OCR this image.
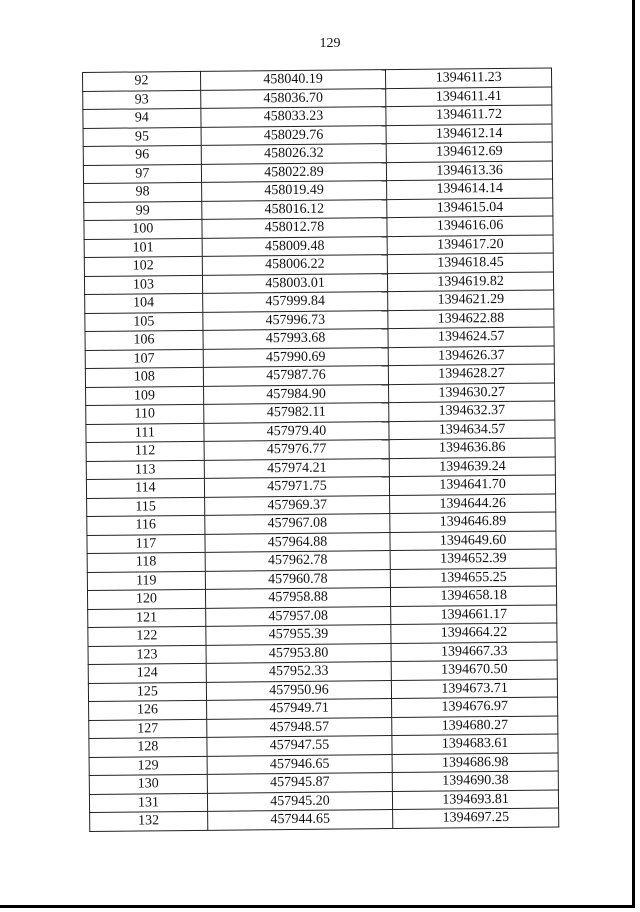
129
92	458040.19	1394611.23
93	458036.70	1394611.41
94	458033.23	1394611.72
95	458029.76	1394612.14
96	458026.32	1394612.69
97	458022.89	1394613.36
98	458019.49	1394614.14
99	458016.12	1394615.04
100	458012.78	1394616.06
101	458009.48	1394617.20
102	458006.22	1394618.45
103	458003.01	1394619.82
104	457999.84	1394621.29
105	457996.73	1394622.88
106	457993.68	1394624.57
107	457990.69	1394626.37
108	457987.76	1394628.27
109	457984.90	1394630.27
110	457982.11	1394632.37
111	457979.40	1394634.57
112	457976.77	1394636.86
113	457974.21	1394639.24
114	457971.75	1394641.70
115	457969.37	1394644.26
116	457967.08	1394646.89
117	457964.88	1394649.60
118	457962.78	1394652.39
119	457960.78	1394655.25
120	457958.88	1394658.18
121	457957.08	1394661.17
122	457955.39	1394664.22
123	457953.80	1394667.33
124	457952.33	1394670.50
125	457950.96	1394673.71
126	457949.71	1394676.97
127	457948.57	1394680.27
128	457947.55	1394683.61
129	457946.65	1394686.98
130	457945.87	1394690.38
131	457945.20	1394693.81
132	457944.65	1394697.25
